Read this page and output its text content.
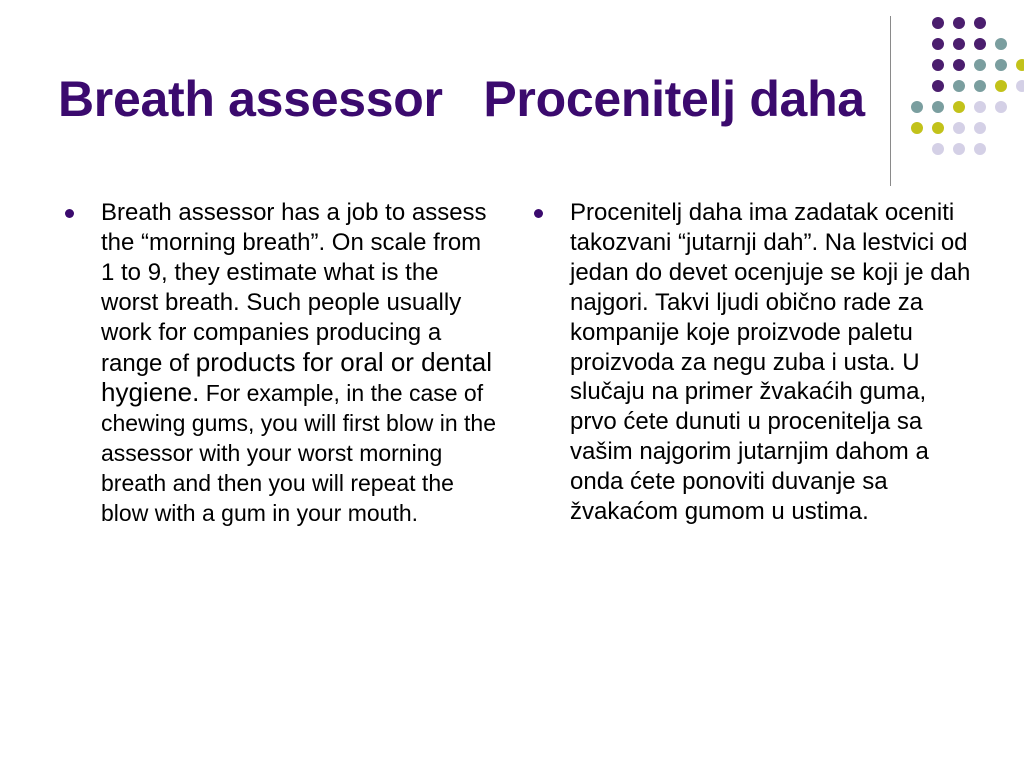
Breath assessor   Procenitelj daha
Breath assessor has a job to assess the “morning breath”. On scale from 1 to 9, they estimate what is the worst breath. Such people usually work for companies producing a range of products for oral or dental hygiene. For example, in the case of chewing gums, you will first blow in the assessor with your worst morning breath and then you will repeat the blow with a gum in your mouth.
Procenitelj daha ima zadatak oceniti takozvani “jutarnji dah”. Na lestvici od jedan do devet ocenjuje se koji je dah najgori. Takvi ljudi obično rade za kompanije koje proizvode paletu proizvoda za negu zuba i usta. U slučaju na primer žvakaćih guma, prvo ćete dunuti u procenitelja sa vašim najgorim jutarnjim dahom a onda ćete ponoviti duvanje sa žvakaćom gumom u ustima.
